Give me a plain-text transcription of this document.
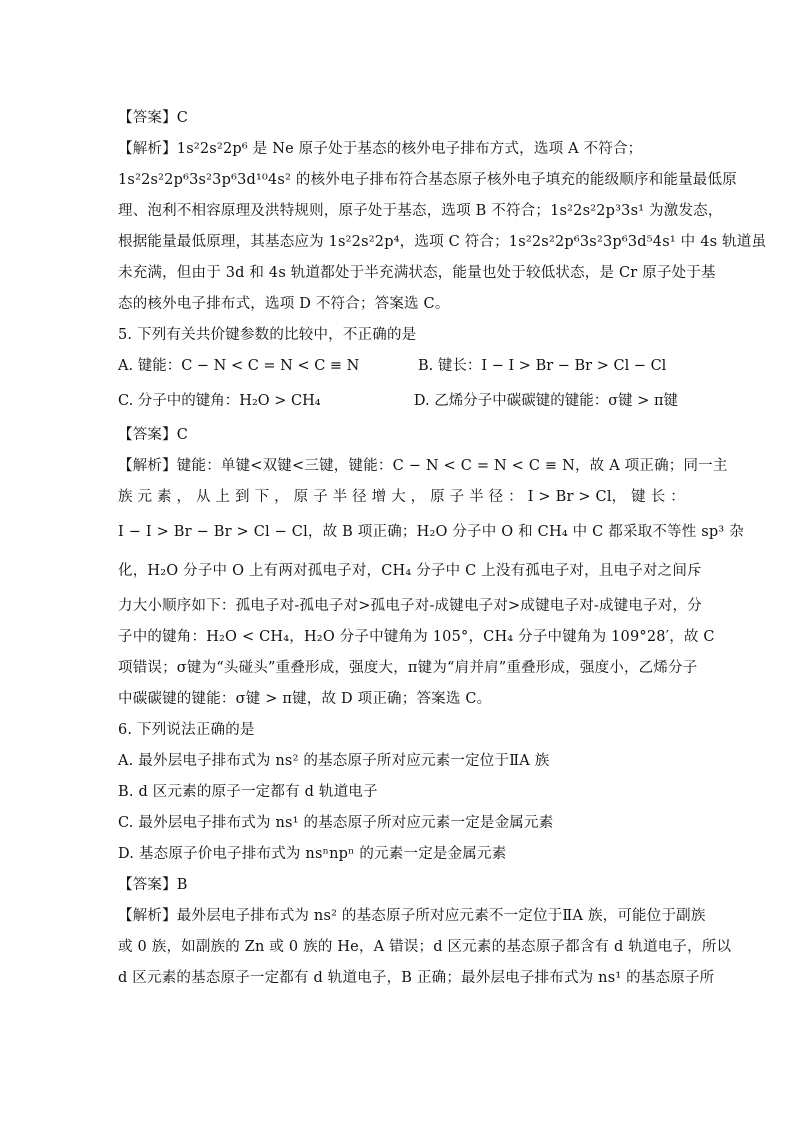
【答案】C
【解析】1s²2s²2p⁶ 是 Ne 原子处于基态的核外电子排布方式，选项 A 不符合；
1s²2s²2p⁶3s²3p⁶3d¹⁰4s² 的核外电子排布符合基态原子核外电子填充的能级顺序和能量最低原
理、泡利不相容原理及洪特规则，原子处于基态，选项 B 不符合；1s²2s²2p³3s¹ 为激发态，
根据能量最低原理，其基态应为 1s²2s²2p⁴，选项 C 符合；1s²2s²2p⁶3s²3p⁶3d⁵4s¹ 中 4s 轨道虽
未充满，但由于 3d 和 4s 轨道都处于半充满状态，能量也处于较低状态，是 Cr 原子处于基
态的核外电子排布式，选项 D 不符合；答案选 C。
5. 下列有关共价键参数的比较中，不正确的是
A. 键能：C − N < C = N < C ≡ N	B. 键长：I − I > Br − Br > Cl − Cl
C. 分子中的键角：H₂O > CH₄	D. 乙烯分子中碳碳键的键能：σ键 > π键
【答案】C
【解析】键能：单键<双键<三键，键能：C − N < C = N < C ≡ N，故 A 项正确；同一主
族 元 素 ， 从 上 到 下 ， 原 子 半 径 增 大 ， 原 子 半 径 ： I > Br > Cl， 键 长 ：
I − I > Br − Br > Cl − Cl，故 B 项正确；H₂O 分子中 O 和 CH₄ 中 C 都采取不等性 sp³ 杂
化，H₂O 分子中 O 上有两对孤电子对，CH₄ 分子中 C 上没有孤电子对，且电子对之间斥
力大小顺序如下：孤电子对-孤电子对>孤电子对-成键电子对>成键电子对-成键电子对，分
子中的键角：H₂O < CH₄，H₂O 分子中键角为 105°，CH₄ 分子中键角为 109°28′，故 C
项错误；σ键为“头碰头”重叠形成，强度大，π键为“肩并肩”重叠形成，强度小，乙烯分子
中碳碳键的键能：σ键 > π键，故 D 项正确；答案选 C。
6. 下列说法正确的是
A. 最外层电子排布式为 ns² 的基态原子所对应元素一定位于ⅡA 族
B. d 区元素的原子一定都有 d 轨道电子
C. 最外层电子排布式为 ns¹ 的基态原子所对应元素一定是金属元素
D. 基态原子价电子排布式为 nsⁿnpⁿ 的元素一定是金属元素
【答案】B
【解析】最外层电子排布式为 ns² 的基态原子所对应元素不一定位于ⅡA 族，可能位于副族
或 0 族，如副族的 Zn 或 0 族的 He，A 错误；d 区元素的基态原子都含有 d 轨道电子，所以
d 区元素的基态原子一定都有 d 轨道电子，B 正确；最外层电子排布式为 ns¹ 的基态原子所
